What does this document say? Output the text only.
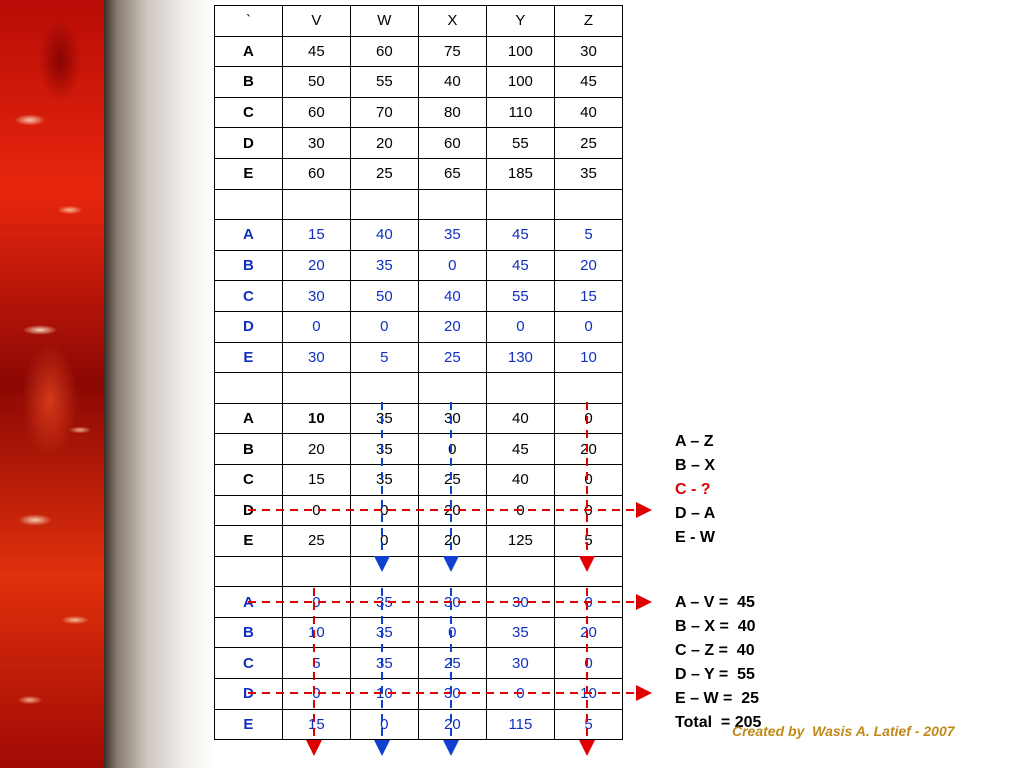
`	V	W	X	Y	Z
A	45	60	75	100	30
B	50	55	40	100	45
C	60	70	80	110	40
D	30	20	60	55	25
E	60	25	65	185	35

A	15	40	35	45	5
B	20	35	0	45	20
C	30	50	40	55	15
D	0	0	20	0	0
E	30	5	25	130	10

A	10	35	30	40	0
B	20	35	0	45	20
C	15	35	25	40	0
D	0	0	20	0	0
E	25	0	20	125	5

A	0	35	30	30	0
B	10	35	0	35	20
C	5	35	25	30	0
D	0	10	30	0	10
E	15	0	20	115	5
A – Z
B – X
C - ?
D – A
E - W
A – V =  45
B – X =  40
C – Z =  40
D – Y =  55
E – W =  25
Total  = 205
Created by  Wasis A. Latief - 2007
